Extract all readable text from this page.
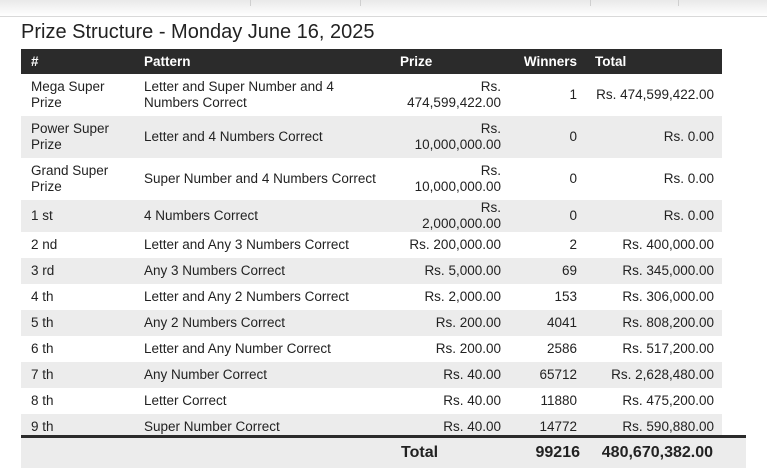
Prize Structure - Monday June 16, 2025
#	Pattern	Prize	Winners	Total
Mega Super Prize	Letter and Super Number and 4 Numbers Correct	Rs. 474,599,422.00	1	Rs. 474,599,422.00
Power Super Prize	Letter and 4 Numbers Correct	Rs. 10,000,000.00	0	Rs. 0.00
Grand Super Prize	Super Number and 4 Numbers Correct	Rs. 10,000,000.00	0	Rs. 0.00
1 st	4 Numbers Correct	Rs. 2,000,000.00	0	Rs. 0.00
2 nd	Letter and Any 3 Numbers Correct	Rs. 200,000.00	2	Rs. 400,000.00
3 rd	Any 3 Numbers Correct	Rs. 5,000.00	69	Rs. 345,000.00
4 th	Letter and Any 2 Numbers Correct	Rs. 2,000.00	153	Rs. 306,000.00
5 th	Any 2 Numbers Correct	Rs. 200.00	4041	Rs. 808,200.00
6 th	Letter and Any Number Correct	Rs. 200.00	2586	Rs. 517,200.00
7 th	Any Number Correct	Rs. 40.00	65712	Rs. 2,628,480.00
8 th	Letter Correct	Rs. 40.00	11880	Rs. 475,200.00
9 th	Super Number Correct	Rs. 40.00	14772	Rs. 590,880.00
Total	99216 480,670,382.00
